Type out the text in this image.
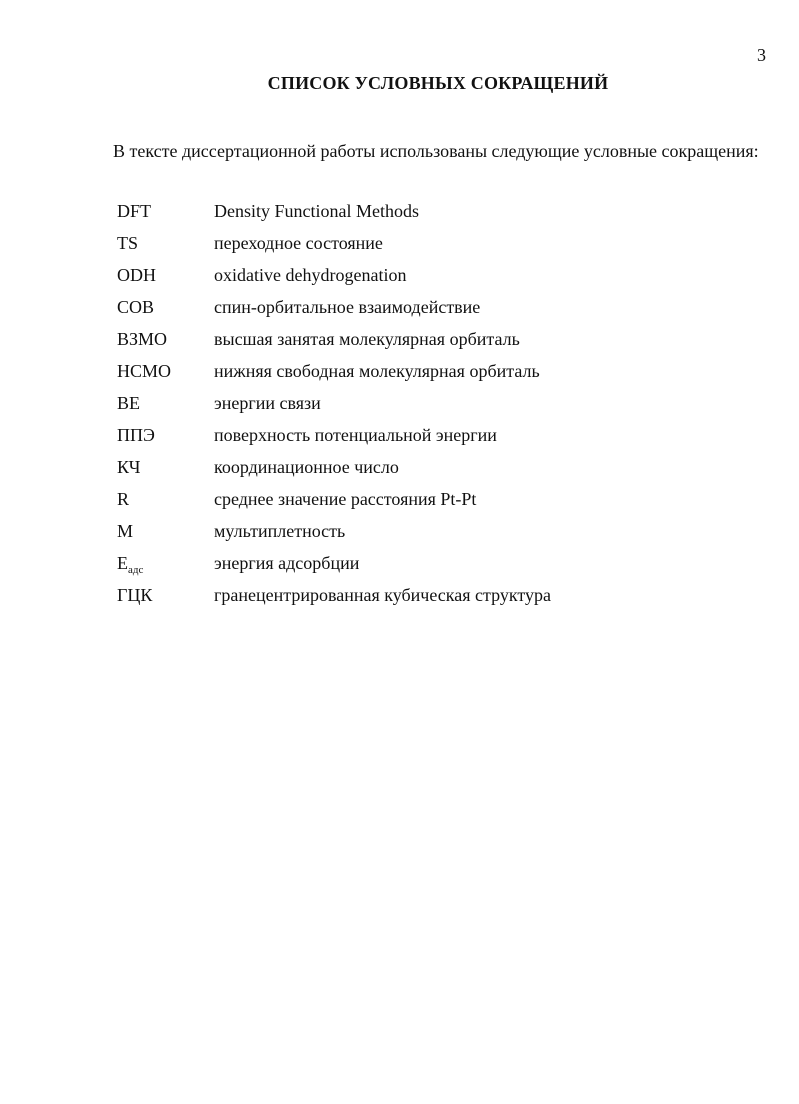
3
СПИСОК УСЛОВНЫХ СОКРАЩЕНИЙ

В тексте диссертационной работы использованы следующие условные сокращения:

DFT	Density Functional Methods
TS	переходное состояние
ODH	oxidative dehydrogenation
СОВ	спин-орбитальное взаимодействие
ВЗМО	высшая занятая молекулярная орбиталь
НСМО	нижняя свободная молекулярная орбиталь
BE	энергии связи
ППЭ	поверхность потенциальной энергии
КЧ	координационное число
R	среднее значение расстояния Pt-Pt
M	мультиплетность
$E_{адс}$	энергия адсорбции
ГЦК	гранецентрированная кубическая структура
